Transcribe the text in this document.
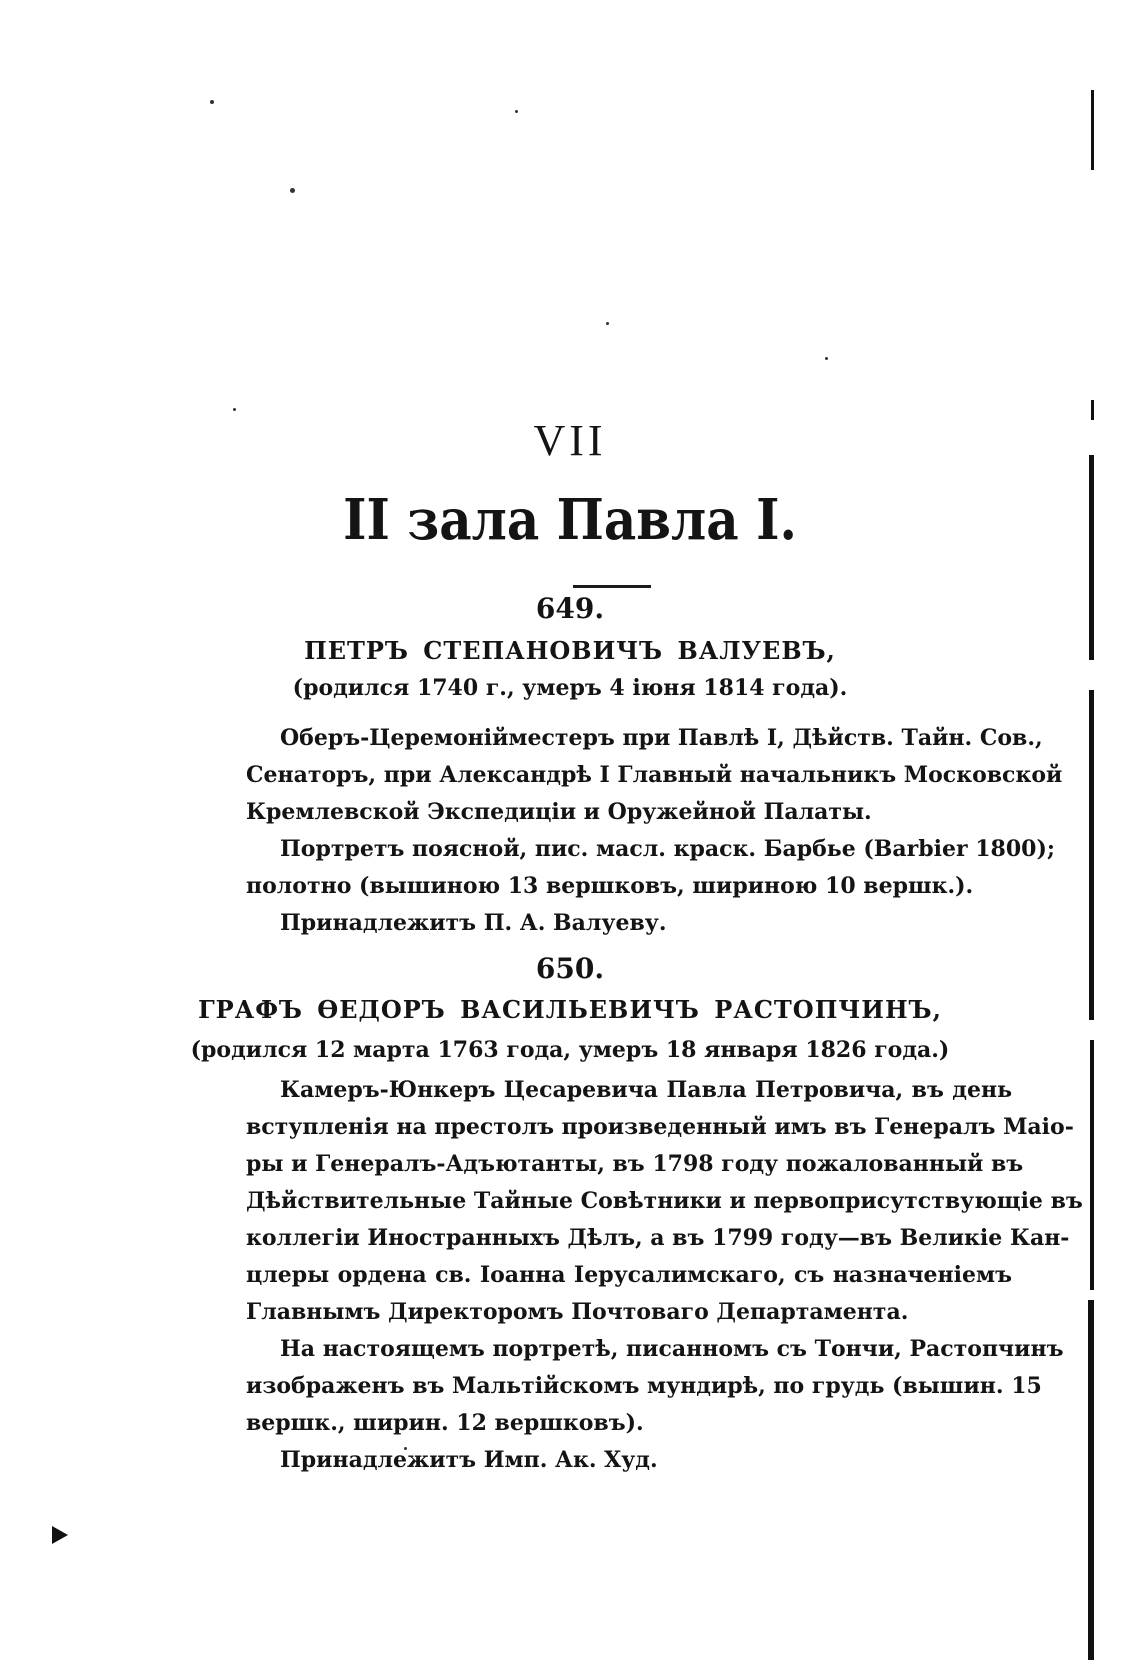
VII
II зала Павла I.
649.
ПЕТРЪ СТЕПАНОВИЧЪ ВАЛУЕВЪ,
(родился 1740 г., умеръ 4 іюня 1814 года).
Оберъ-Церемонійместеръ при Павлѣ I, Дѣйств. Тайн. Сов.,
Сенаторъ, при Александрѣ I Главный начальникъ Московской
Кремлевской Экспедиціи и Оружейной Палаты.
Портретъ поясной, пис. масл. краск. Барбье (Barbier 1800);
полотно (вышиною 13 вершковъ, шириною 10 вершк.).
Принадлежитъ П. А. Валуеву.
650.
ГРАФЪ ѲЕДОРЪ ВАСИЛЬЕВИЧЪ РАСТОПЧИНЪ,
(родился 12 марта 1763 года, умеръ 18 января 1826 года.)
Камеръ-Юнкеръ Цесаревича Павла Петровича, въ день
вступленія на престолъ произведенный имъ въ Генералъ Маіо-
ры и Генералъ-Адъютанты, въ 1798 году пожалованный въ
Дѣйствительные Тайные Совѣтники и первоприсутствующіе въ
коллегіи Иностранныхъ Дѣлъ, а въ 1799 году—въ Великіе Кан-
цлеры ордена св. Іоанна Іерусалимскаго, съ назначеніемъ
Главнымъ Директоромъ Почтоваго Департамента.
На настоящемъ портретѣ, писанномъ съ Тончи, Растопчинъ
изображенъ въ Мальтійскомъ мундирѣ, по грудь (вышин. 15
вершк., ширин. 12 вершковъ).
Принадлежитъ Имп. Ак. Худ.
